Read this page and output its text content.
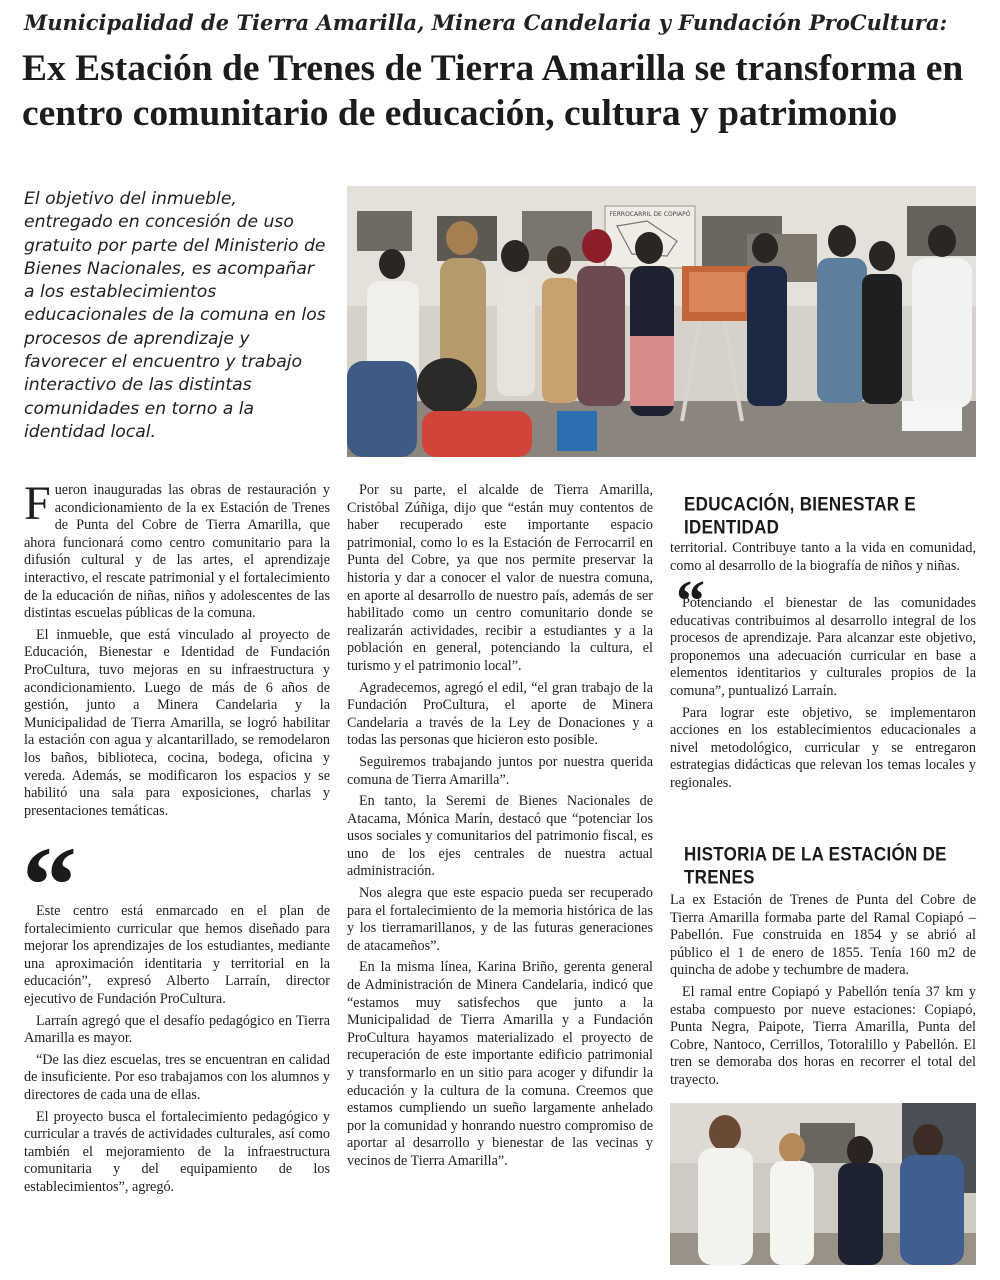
Municipalidad de Tierra Amarilla, Minera Candelaria y Fundación ProCultura:
Ex Estación de Trenes de Tierra Amarilla se transforma en centro comunitario de educación, cultura y patrimonio
El objetivo del inmueble, entregado en concesión de uso gratuito por parte del Ministerio de Bienes Nacionales, es acompañar a los establecimientos educacionales de la comuna en los procesos de aprendizaje y favorecer el encuentro y trabajo interactivo de las distintas comunidades en torno a la identidad local.
FERROCARRIL DE COPIAPÓ

Fueron inauguradas las obras de restauración y acondicionamiento de la ex Estación de Trenes de Punta del Cobre de Tierra Amarilla, que ahora funcionará como centro comunitario para la difusión cultural y de las artes, el aprendizaje interactivo, el rescate patrimonial y el fortalecimiento de la educación de niñas, niños y adolescentes de las distintas escuelas públicas de la comuna.

El inmueble, que está vinculado al proyecto de Educación, Bienestar e Identidad de Fundación ProCultura, tuvo mejoras en su infraestructura y acondicionamiento. Luego de más de 6 años de gestión, junto a Minera Candelaria y la Municipalidad de Tierra Amarilla, se logró habilitar la estación con agua y alcantarillado, se remodelaron los baños, biblioteca, cocina, bodega, oficina y vereda. Además, se modificaron los espacios y se habilitó una sala para exposiciones, charlas y presentaciones temáticas.

“

Este centro está enmarcado en el plan de fortalecimiento curricular que hemos diseñado para mejorar los aprendizajes de los estudiantes, mediante una aproximación identitaria y territorial en la educación”, expresó Alberto Larraín, director ejecutivo de Fundación ProCultura.

Larraín agregó que el desafío pedagógico en Tierra Amarilla es mayor.

“De las diez escuelas, tres se encuentran en calidad de insuficiente. Por eso trabajamos con los alumnos y directores de cada una de ellas.

El proyecto busca el fortalecimiento pedagógico y curricular a través de actividades culturales, así como también el mejoramiento de la infraestructura comunitaria y del equipamiento de los establecimientos”, agregó.

Por su parte, el alcalde de Tierra Amarilla, Cristóbal Zúñiga, dijo que “están muy contentos de haber recuperado este importante espacio patrimonial, como lo es la Estación de Ferrocarril en Punta del Cobre, ya que nos permite preservar la historia y dar a conocer el valor de nuestra comuna, en aporte al desarrollo de nuestro país, además de ser habilitado como un centro comunitario donde se realizarán actividades, recibir a estudiantes y a la población en general, potenciando la cultura, el turismo y el patrimonio local”.

Agradecemos, agregó el edil, “el gran trabajo de la Fundación ProCultura, el aporte de Minera Candelaria a través de la Ley de Donaciones y a todas las personas que hicieron esto posible.

Seguiremos trabajando juntos por nuestra querida comuna de Tierra Amarilla”.

En tanto, la Seremi de Bienes Nacionales de Atacama, Mónica Marín, destacó que “potenciar los usos sociales y comunitarios del patrimonio fiscal, es uno de los ejes centrales de nuestra actual administración.

Nos alegra que este espacio pueda ser recuperado para el fortalecimiento de la memoria histórica de las y los tierramarillanos, y de las futuras generaciones de atacameños”.

En la misma línea, Karina Briño, gerenta general de Administración de Minera Candelaria, indicó que “estamos muy satisfechos que junto a la Municipalidad de Tierra Amarilla y a Fundación ProCultura hayamos materializado el proyecto de recuperación de este importante edificio patrimonial y transformarlo en un sitio para acoger y difundir la educación y la cultura de la comuna. Creemos que estamos cumpliendo un sueño largamente anhelado por la comunidad y honrando nuestro compromiso de aportar al desarrollo y bienestar de las vecinas y vecinos de Tierra Amarilla”.

EDUCACIÓN, BIENESTAR E IDENTIDAD

territorial. Contribuye tanto a la vida en comunidad, como al desarrollo de la biografía de niños y niñas.

“

Potenciando el bienestar de las comunidades educativas contribuimos al desarrollo integral de los procesos de aprendizaje. Para alcanzar este objetivo, proponemos una adecuación curricular en base a elementos identitarios y culturales propios de la comuna”, puntualizó Larraín.

Para lograr este objetivo, se implementaron acciones en los establecimientos educacionales a nivel metodológico, curricular y se entregaron estrategias didácticas que relevan los temas locales y regionales.

HISTORIA DE LA ESTACIÓN DE TRENES

La ex Estación de Trenes de Punta del Cobre de Tierra Amarilla formaba parte del Ramal Copiapó – Pabellón. Fue construida en 1854 y se abrió al público el 1 de enero de 1855. Tenía 160 m2 de quincha de adobe y techumbre de madera.

El ramal entre Copiapó y Pabellón tenía 37 km y estaba compuesto por nueve estaciones: Copiapó, Punta Negra, Paipote, Tierra Amarilla, Punta del Cobre, Nantoco, Cerrillos, Totoralillo y Pabellón. El tren se demoraba dos horas en recorrer el total del trayecto.
